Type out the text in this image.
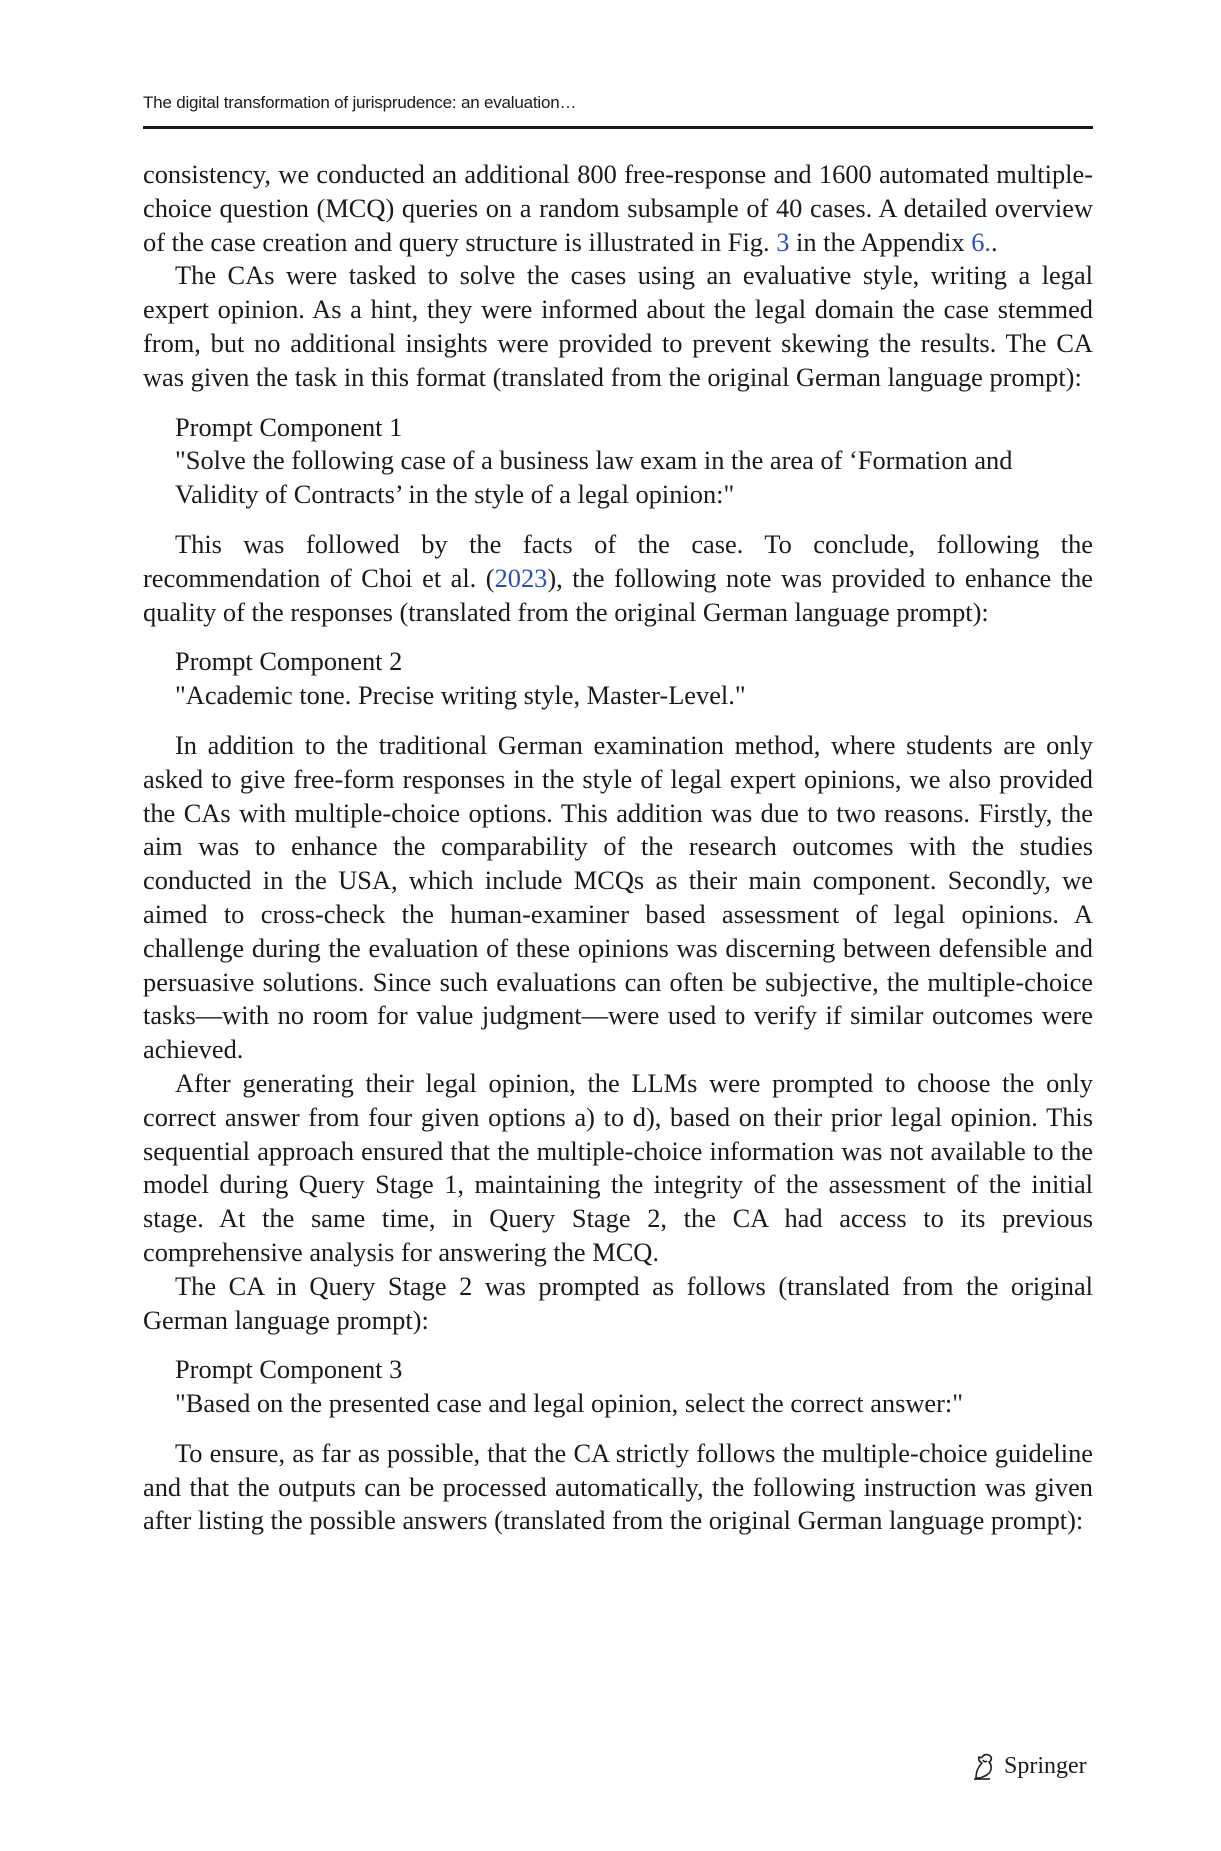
The digital transformation of jurisprudence: an evaluation…

consistency, we conducted an additional 800 free-response and 1600 automated multiple-choice question (MCQ) queries on a random subsample of 40 cases. A detailed overview of the case creation and query structure is illustrated in Fig. 3 in the Appendix 6..

The CAs were tasked to solve the cases using an evaluative style, writing a legal expert opinion. As a hint, they were informed about the legal domain the case stemmed from, but no additional insights were provided to prevent skewing the results. The CA was given the task in this format (translated from the original German language prompt):

Prompt Component 1
"Solve the following case of a business law exam in the area of ‘Formation and Validity of Contracts’ in the style of a legal opinion:"

This was followed by the facts of the case. To conclude, following the recommendation of Choi et al. (2023), the following note was provided to enhance the quality of the responses (translated from the original German language prompt):

Prompt Component 2
"Academic tone. Precise writing style, Master-Level."

In addition to the traditional German examination method, where students are only asked to give free-form responses in the style of legal expert opinions, we also provided the CAs with multiple-choice options. This addition was due to two reasons. Firstly, the aim was to enhance the comparability of the research outcomes with the studies conducted in the USA, which include MCQs as their main component. Secondly, we aimed to cross-check the human-examiner based assessment of legal opinions. A challenge during the evaluation of these opinions was discerning between defensible and persuasive solutions. Since such evaluations can often be subjective, the multiple-choice tasks—with no room for value judgment—were used to verify if similar outcomes were achieved.

After generating their legal opinion, the LLMs were prompted to choose the only correct answer from four given options a) to d), based on their prior legal opinion. This sequential approach ensured that the multiple-choice information was not available to the model during Query Stage 1, maintaining the integrity of the assessment of the initial stage. At the same time, in Query Stage 2, the CA had access to its previous comprehensive analysis for answering the MCQ.

The CA in Query Stage 2 was prompted as follows (translated from the original German language prompt):

Prompt Component 3
"Based on the presented case and legal opinion, select the correct answer:"

To ensure, as far as possible, that the CA strictly follows the multiple-choice guideline and that the outputs can be processed automatically, the following instruction was given after listing the possible answers (translated from the original German language prompt):

Springer
